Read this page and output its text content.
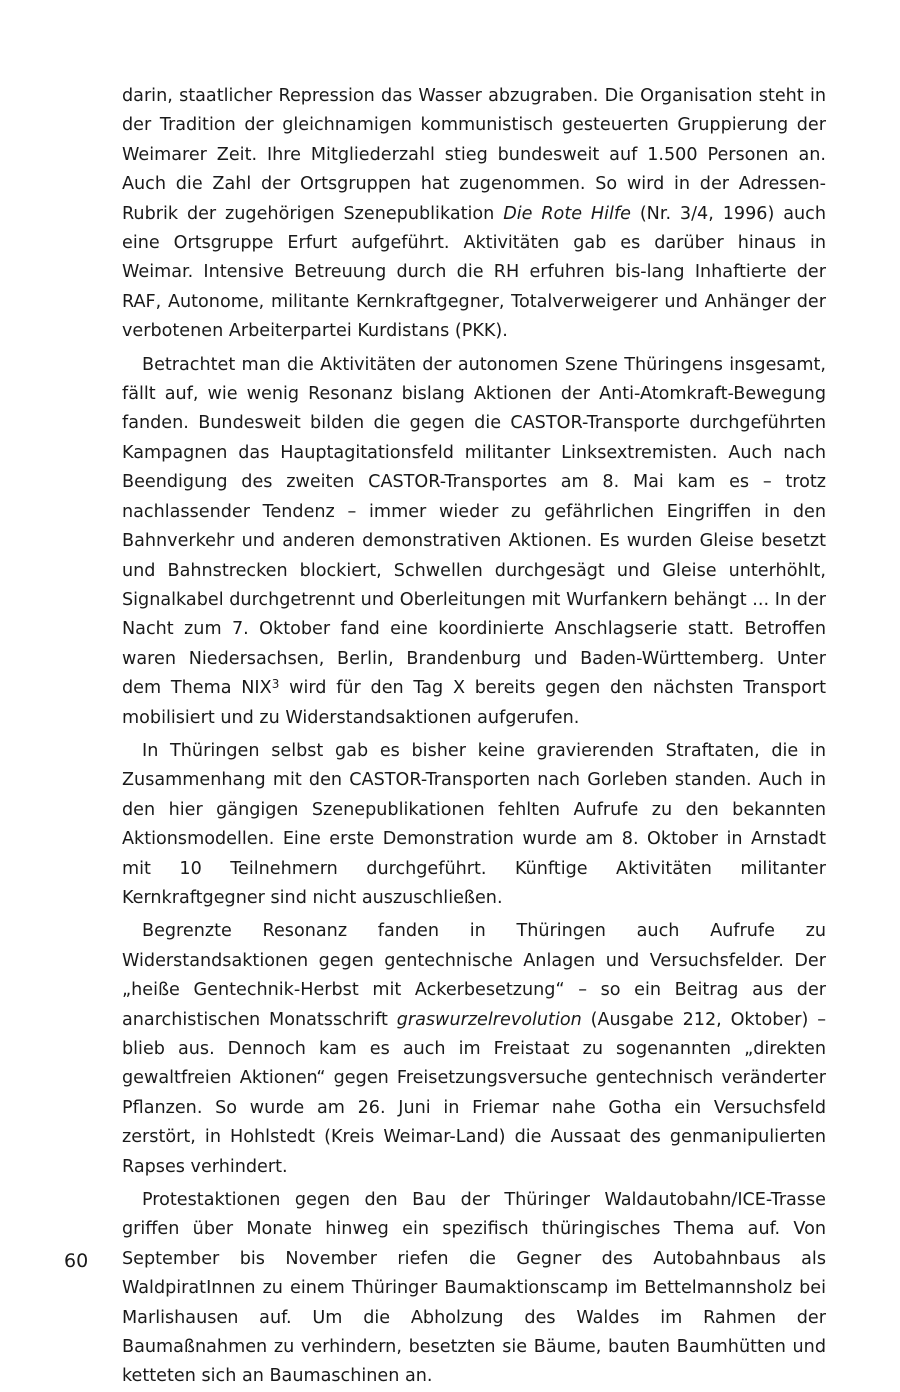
darin, staatlicher Repression das Wasser abzugraben. Die Organisation steht in der Tradition der gleichnamigen kommunistisch gesteuerten Gruppierung der Weimarer Zeit. Ihre Mitgliederzahl stieg bundesweit auf 1.500 Personen an. Auch die Zahl der Ortsgruppen hat zugenommen. So wird in der Adressen-Rubrik der zugehörigen Szenepublikation Die Rote Hilfe (Nr. 3/4, 1996) auch eine Ortsgruppe Erfurt aufgeführt. Aktivitäten gab es darüber hinaus in Weimar. Intensive Betreuung durch die RH erfuhren bis-lang Inhaftierte der RAF, Autonome, militante Kernkraftgegner, Totalverweigerer und Anhänger der verbotenen Arbeiterpartei Kurdistans (PKK).

Betrachtet man die Aktivitäten der autonomen Szene Thüringens insgesamt, fällt auf, wie wenig Resonanz bislang Aktionen der Anti-Atomkraft-Bewegung fanden. Bundesweit bilden die gegen die CASTOR-Transporte durchgeführten Kampagnen das Hauptagitationsfeld militanter Linksextremisten. Auch nach Beendigung des zweiten CASTOR-Transportes am 8. Mai kam es – trotz nachlassender Tendenz – immer wieder zu gefährlichen Eingriffen in den Bahnverkehr und anderen demonstrativen Aktionen. Es wurden Gleise besetzt und Bahnstrecken blockiert, Schwellen durchgesägt und Gleise unterhöhlt, Signalkabel durchgetrennt und Oberleitungen mit Wurfankern behängt ... In der Nacht zum 7. Oktober fand eine koordinierte Anschlagserie statt. Betroffen waren Niedersachsen, Berlin, Brandenburg und Baden-Württemberg. Unter dem Thema NIX$^3$ wird für den Tag X bereits gegen den nächsten Transport mobilisiert und zu Widerstandsaktionen aufgerufen.

In Thüringen selbst gab es bisher keine gravierenden Straftaten, die in Zusammenhang mit den CASTOR-Transporten nach Gorleben standen. Auch in den hier gängigen Szenepublikationen fehlten Aufrufe zu den bekannten Aktionsmodellen. Eine erste Demonstration wurde am 8. Oktober in Arnstadt mit 10 Teilnehmern durchgeführt. Künftige Aktivitäten militanter Kernkraftgegner sind nicht auszuschließen.

Begrenzte Resonanz fanden in Thüringen auch Aufrufe zu Widerstandsaktionen gegen gentechnische Anlagen und Versuchsfelder. Der „heiße Gentechnik-Herbst mit Ackerbesetzung“ – so ein Beitrag aus der anarchistischen Monatsschrift graswurzelrevolution (Ausgabe 212, Oktober) – blieb aus. Dennoch kam es auch im Freistaat zu sogenannten „direkten gewaltfreien Aktionen“ gegen Freisetzungsversuche gentechnisch veränderter Pflanzen. So wurde am 26. Juni in Friemar nahe Gotha ein Versuchsfeld zerstört, in Hohlstedt (Kreis Weimar-Land) die Aussaat des genmanipulierten Rapses verhindert.

Protestaktionen gegen den Bau der Thüringer Waldautobahn/ICE-Trasse griffen über Monate hinweg ein spezifisch thüringisches Thema auf. Von September bis November riefen die Gegner des Autobahnbaus als WaldpiratInnen zu einem Thüringer Baumaktionscamp im Bettelmannsholz bei Marlishausen auf. Um die Abholzung des Waldes im Rahmen der Baumaßnahmen zu verhindern, besetzten sie Bäume, bauten Baumhütten und ketteten sich an Baumaschinen an.

60
